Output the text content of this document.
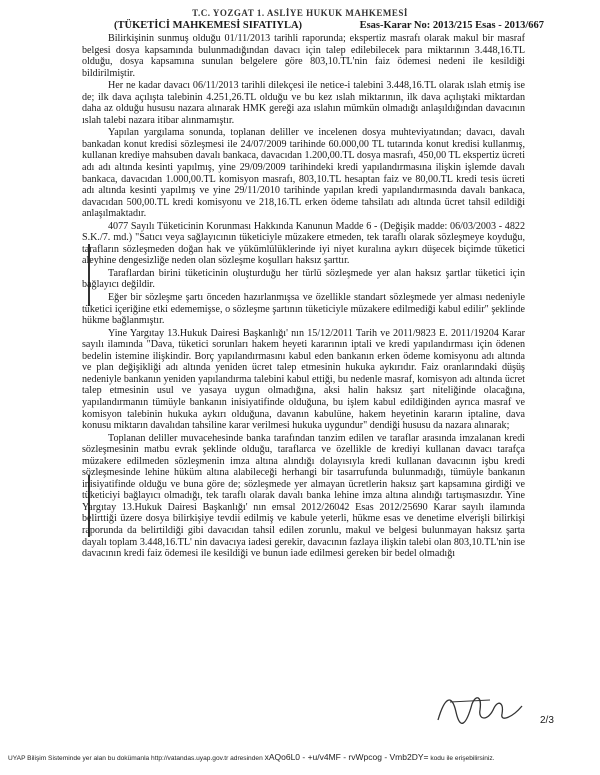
T.C. YOZGAT 1. ASLİYE HUKUK MAHKEMESİ
(TÜKETİCİ MAHKEMESİ SIFATIYLA)	Esas-Karar No: 2013/215 Esas - 2013/667

Bilirkişinin sunmuş olduğu 01/11/2013 tarihli raporunda; ekspertiz masrafı olarak makul bir masraf belgesi dosya kapsamında bulunmadığından davacı için talep edilebilecek para miktarının 3.448,16.TL olduğu, dosya kapsamına sunulan belgelere göre 803,10.TL'nin faiz ödemesi nedeni ile kesildiği bildirilmiştir.

Her ne kadar davacı 06/11/2013 tarihli dilekçesi ile netice-i talebini 3.448,16.TL olarak ıslah etmiş ise de; ilk dava açılışta talebinin 4.251,26.TL olduğu ve bu kez ıslah miktarının, ilk dava açılıştaki miktardan daha az olduğu hususu nazara alınarak HMK gereği aza ıslahın mümkün olmadığı anlaşıldığından davacının ıslah talebi nazara itibar alınmamıştır.

Yapılan yargılama sonunda, toplanan deliller ve incelenen dosya muhteviyatından; davacı, davalı bankadan konut kredisi sözleşmesi ile 24/07/2009 tarihinde 60.000,00 TL tutarında konut kredisi kullanmış, kullanan krediye mahsuben davalı bankaca, davacıdan 1.200,00.TL dosya masrafı, 450,00 TL ekspertiz ücreti adı adı altında kesinti yapılmış, yine 29/09/2009 tarihindeki kredi yapılandırmasına ilişkin işlemde davalı bankaca, davacıdan 1.000,00.TL komisyon masrafı, 803,10.TL hesaptan faiz ve 80,00.TL kredi tesis ücreti adı altında kesinti yapılmış ve yine 29/11/2010 tarihinde yapılan kredi yapılandırmasında davalı bankaca, davacıdan 500,00.TL kredi komisyonu ve 218,16.TL erken ödeme tahsilatı adı altında ücret tahsil edildiği anlaşılmaktadır.

4077 Sayılı Tüketicinin Korunması Hakkında Kanunun Madde 6 - (Değişik madde: 06/03/2003 - 4822 S.K./7. md.) "Satıcı veya sağlayıcının tüketiciyle müzakere etmeden, tek taraflı olarak sözleşmeye koyduğu, tarafların sözleşmeden doğan hak ve yükümlülüklerinde iyi niyet kuralına aykırı düşecek biçimde tüketici aleyhine dengesizliğe neden olan sözleşme koşulları haksız şarttır.

Taraflardan birini tüketicinin oluşturduğu her türlü sözleşmede yer alan haksız şartlar tüketici için bağlayıcı değildir.

Eğer bir sözleşme şartı önceden hazırlanmışsa ve özellikle standart sözleşmede yer alması nedeniyle tüketici içeriğine etki edememişse, o sözleşme şartının tüketiciyle müzakere edilmediği kabul edilir" şeklinde hükme bağlanmıştır.

Yine Yargıtay 13.Hukuk Dairesi Başkanlığı' nın 15/12/2011 Tarih ve 2011/9823 E. 2011/19204 Karar sayılı ilamında "Dava, tüketici sorunları hakem heyeti kararının iptali ve kredi yapılandırması için ödenen bedelin istemine ilişkindir. Borç yapılandırmasını kabul eden bankanın erken ödeme komisyonu adı altında ve plan değişikliği adı altında yeniden ücret talep etmesinin hukuka aykırıdır. Faiz oranlarındaki düşüş nedeniyle bankanın yeniden yapılandırma talebini kabul ettiği, bu nedenle masraf, komisyon adı altında ücret talep etmesinin usul ve yasaya uygun olmadığına, aksi halin haksız şart niteliğinde olacağına, yapılandırmanın tümüyle bankanın inisiyatifinde olduğuna, bu işlem kabul edildiğinden ayrıca masraf ve komisyon talebinin hukuka aykırı olduğuna, davanın kabulüne, hakem heyetinin kararın iptaline, dava konusu miktarın davalıdan tahsiline karar verilmesi hukuka uygundur" dendiği hususu da nazara alınarak;

Toplanan deliller muvacehesinde banka tarafından tanzim edilen ve taraflar arasında imzalanan kredi sözleşmesinin matbu evrak şeklinde olduğu, taraflarca ve özellikle de krediyi kullanan davacı tarafça müzakere edilmeden sözleşmenin imza altına alındığı dolayısıyla kredi kullanan davacının işbu kredi sözleşmesinde lehine hüküm altına alabileceği herhangi bir tasarrufunda bulunmadığı, tümüyle bankanın inisiyatifinde olduğu ve buna göre de; sözleşmede yer almayan ücretlerin haksız şart kapsamına girdiği ve tüketiciyi bağlayıcı olmadığı, tek taraflı olarak davalı banka lehine imza altına alındığı tartışmasızdır. Yine Yargıtay 13.Hukuk Dairesi Başkanlığı' nın emsal 2012/26042 Esas 2012/25690 Karar sayılı ilamında belirttiği üzere dosya bilirkişiye tevdii edilmiş ve kabule yeterli, hükme esas ve denetime elverişli bilirkişi raporunda da belirtildiği gibi davacıdan tahsil edilen zorunlu, makul ve belgesi bulunmayan haksız şarta dayalı toplam 3.448,16.TL' nin davacıya iadesi gerekir, davacının fazlaya ilişkin talebi olan 803,10.TL'nin ise davacının kredi faiz ödemesi ile kesildiği ve bunun iade edilmesi gereken bir bedel olmadığı

2/3
UYAP Bilişim Sisteminde yer alan bu dokümanla http://vatandas.uyap.gov.tr adresinden xAQo6L0 - +u/v4MF - rvWpcog - Vmb2DY= kodu ile erişebilirsiniz.
